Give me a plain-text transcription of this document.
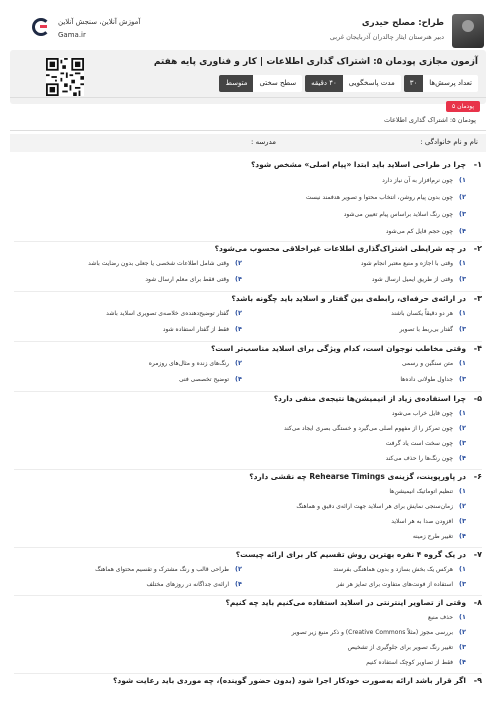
طراح: مصلح حیدری
دبیر هنرستان ایثار چالدران آذربایجان غربی
آموزش آنلاین، سنجش آنلاین
Gama.ir
آزمون مجازی پودمان ۵: اشتراک گذاری اطلاعات | کار و فناوری پایه هفتم
تعداد پرسش‌ها
۳۰
مدت پاسخگویی
۴۰ دقیقه
سطح سختی
متوسط
پودمان ۵
پودمان ۵: اشتراک گذاری اطلاعات
نام و نام خانوادگی :
مدرسه :
۱-
چرا در طراحی اسلاید باید ابتدا «پیام اصلی» مشخص شود؟
۱)
چون نرم‌افزار به آن نیاز دارد
۲)
چون بدون پیام روشن، انتخاب محتوا و تصویر هدفمند نیست
۳)
چون رنگ اسلاید براساس پیام تعیین می‌شود
۴)
چون حجم فایل کم می‌شود
۲-
در چه شرایطی اشتراک‌گذاری اطلاعات غیراخلاقی محسوب می‌شود؟
۱)
وقتی با اجازه و منبع معتبر انجام شود
۲)
وقتی شامل اطلاعات شخصی یا جعلی بدون رضایت باشد
۳)
وقتی از طریق ایمیل ارسال شود
۴)
وقتی فقط برای معلم ارسال شود
۳-
در ارائه‌ی حرفه‌ای، رابطه‌ی بین گفتار و اسلاید باید چگونه باشد؟
۱)
هر دو دقیقاً یکسان باشند
۲)
گفتار توضیح‌دهنده‌ی خلاصه‌ی تصویری اسلاید باشد
۳)
گفتار بی‌ربط با تصویر
۴)
فقط از گفتار استفاده شود
۴-
وقتی مخاطب نوجوان است، کدام ویژگی برای اسلاید مناسب‌تر است؟
۱)
متن سنگین و رسمی
۲)
رنگ‌های زنده و مثال‌های روزمره
۳)
جداول طولانی داده‌ها
۴)
توضیح تخصصی فنی
۵-
چرا استفاده‌ی زیاد از انیمیشن‌ها نتیجه‌ی منفی دارد؟
۱)
چون فایل خراب می‌شود
۲)
چون تمرکز را از مفهوم اصلی می‌گیرد و خستگی بصری ایجاد می‌کند
۳)
چون سخت است یاد گرفت
۴)
چون رنگ‌ها را حذف می‌کند
۶-
در پاورپوینت، گزینه‌ی Rehearse Timings چه نقشی دارد؟
۱)
تنظیم اتوماتیک انیمیشن‌ها
۲)
زمان‌سنجی نمایش برای هر اسلاید جهت ارائه‌ی دقیق و هماهنگ
۳)
افزودن صدا به هر اسلاید
۴)
تغییر طرح زمینه
۷-
در یک گروه ۴ نفره بهترین روش تقسیم کار برای ارائه چیست؟
۱)
هرکس یک بخش بسازد و بدون هماهنگی بفرستد
۲)
طراحی قالب و رنگ مشترک و تقسیم محتوای هماهنگ
۳)
استفاده از فونت‌های متفاوت برای تمایز هر نفر
۴)
ارائه‌ی جداگانه در روزهای مختلف
۸-
وقتی از تصاویر اینترنتی در اسلاید استفاده می‌کنیم باید چه کنیم؟
۱)
حذف منبع
۲)
بررسی مجوز (مثلاً Creative Commons) و ذکر منبع زیر تصویر
۳)
تغییر رنگ تصویر برای جلوگیری از تشخیص
۴)
فقط از تصاویر کوچک استفاده کنیم
۹-
اگر قرار باشد ارائه به‌صورت خودکار اجرا شود (بدون حضور گوینده)، چه موردی باید رعایت شود؟
